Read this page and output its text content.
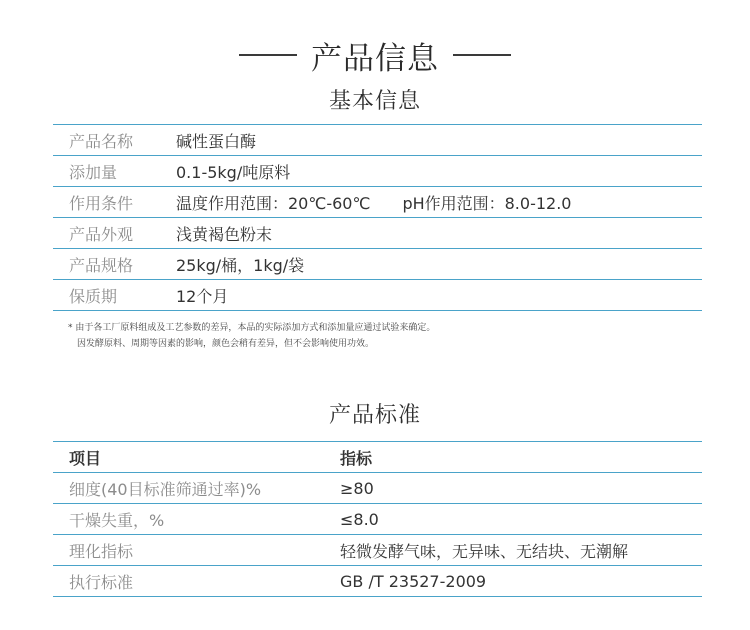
产品信息
基本信息
产品名称	碱性蛋白酶
添加量	0.1-5kg/吨原料
作用条件	温度作用范围：20℃-60℃ pH作用范围：8.0-12.0
产品外观	浅黄褐色粉末
产品规格	25kg/桶，1kg/袋
保质期	12个月
* 由于各工厂原料组成及工艺参数的差异，本品的实际添加方式和添加量应通过试验来确定。
因发酵原料、周期等因素的影响，颜色会稍有差异，但不会影响使用功效。
产品标准
项目	指标
细度(40目标准筛通过率)%	≥80
干燥失重，%	≤8.0
理化指标	轻微发酵气味，无异味、无结块、无潮解
执行标准	GB /T 23527-2009
